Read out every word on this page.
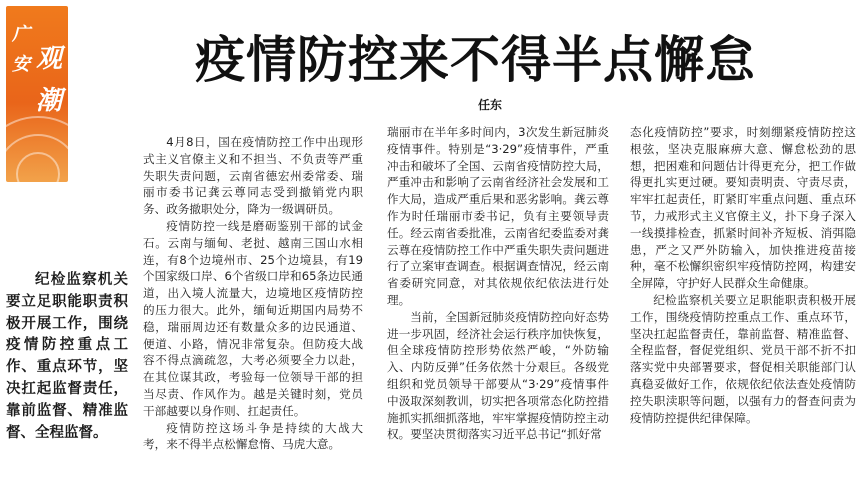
广
安 观
潮
疫情防控来不得半点懈怠
任东
纪检监察机关要立足职能职责积极开展工作，围绕疫情防控重点工作、重点环节，坚决扛起监督责任，靠前监督、精准监督、全程监督。

4月8日，国在疫情防控工作中出现形式主义官僚主义和不担当、不负责等严重失职失责问题，云南省德宏州委常委、瑞丽市委书记龚云尊同志受到撤销党内职务、政务撤职处分，降为一级调研员。

疫情防控一线是磨砺鉴别干部的试金石。云南与缅甸、老挝、越南三国山水相连，有8个边境州市、25个边境县，有19个国家级口岸、6个省级口岸和65条边民通道，出入境人流量大，边境地区疫情防控的压力很大。此外，缅甸近期国内局势不稳，瑞丽周边还有数量众多的边民通道、便道、小路，情况非常复杂。但防疫大战容不得点滴疏忽，大考必须要全力以赴，在其位谋其政，考验每一位领导干部的担当尽责、作风作为。越是关键时刻，党员干部越要以身作则、扛起责任。

疫情防控这场斗争是持续的大战大考，来不得半点松懈怠惰、马虎大意。

瑞丽市在半年多时间内，3次发生新冠肺炎疫情事件。特别是“3·29”疫情事件，严重冲击和破坏了全国、云南省疫情防控大局，严重冲击和影响了云南省经济社会发展和工作大局，造成严重后果和恶劣影响。龚云尊作为时任瑞丽市委书记，负有主要领导责任。经云南省委批准，云南省纪委监委对龚云尊在疫情防控工作中严重失职失责问题进行了立案审查调查。根据调查情况，经云南省委研究同意，对其依规依纪依法进行处理。

当前，全国新冠肺炎疫情防控向好态势进一步巩固，经济社会运行秩序加快恢复，但全球疫情防控形势依然严峻，“外防输入、内防反弹”任务依然十分艰巨。各级党组织和党员领导干部要从“3·29”疫情事件中汲取深刻教训，切实把各项常态化防控措施抓实抓细抓落地，牢牢掌握疫情防控主动权。要坚决贯彻落实习近平总书记“抓好常

态化疫情防控”要求，时刻绷紧疫情防控这根弦，坚决克服麻痹大意、懈怠松劲的思想，把困难和问题估计得更充分，把工作做得更扎实更过硬。要知责明责、守责尽责，牢牢扛起责任，盯紧盯牢重点问题、重点环节，力戒形式主义官僚主义，扑下身子深入一线摸排检查，抓紧时间补齐短板、消弭隐患，严之又严外防输入，加快推进疫苗接种，毫不松懈织密织牢疫情防控网，构建安全屏障，守护好人民群众生命健康。

纪检监察机关要立足职能职责积极开展工作，围绕疫情防控重点工作、重点环节，坚决扛起监督责任，靠前监督、精准监督、全程监督，督促党组织、党员干部不折不扣落实党中央部署要求，督促相关职能部门认真稳妥做好工作，依规依纪依法查处疫情防控失职渎职等问题，以强有力的督查问责为疫情防控提供纪律保障。
